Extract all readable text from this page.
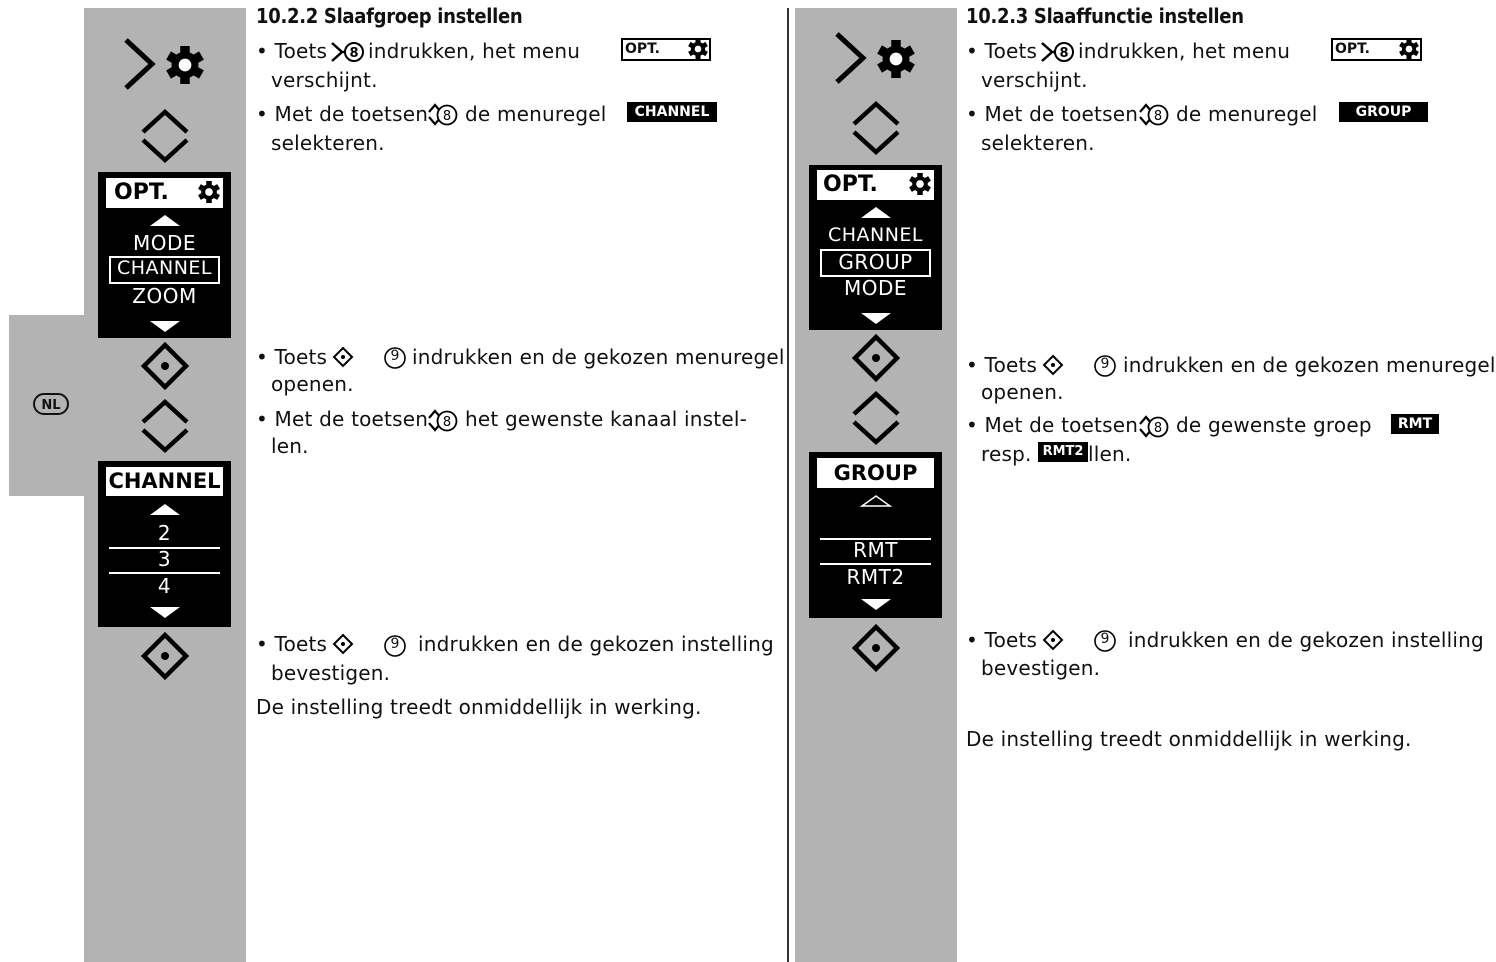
NL
OPT.
MODE
CHANNEL
ZOOM
CHANNEL
2
3
4
10.2.2 Slaafgroep instellen
• Toets 8 indrukken, het menu
verschijnt.
OPT.
• Met de toetsen 8 de menuregel
selekteren.
CHANNEL
• Toets	9 indrukken en de gekozen menuregel
openen.
• Met de toetsen 8 het gewenste kanaal instel-
len.
• Toets	9 indrukken en de gekozen instelling
bevestigen.
De instelling treedt onmiddellijk in werking.
OPT.
CHANNEL
GROUP
MODE
GROUP
RMT
RMT2
10.2.3 Slaaffunctie instellen
• Toets 8 indrukken, het menu
verschijnt.
OPT.
• Met de toetsen 8 de menuregel
selekteren.
GROUP
• Toets	9 indrukken en de gekozen menuregel
openen.
• Met de toetsen 8 de gewenste groep	RMT
resp. RMT2 llen.
• Toets	9 indrukken en de gekozen instelling
bevestigen.
De instelling treedt onmiddellijk in werking.
